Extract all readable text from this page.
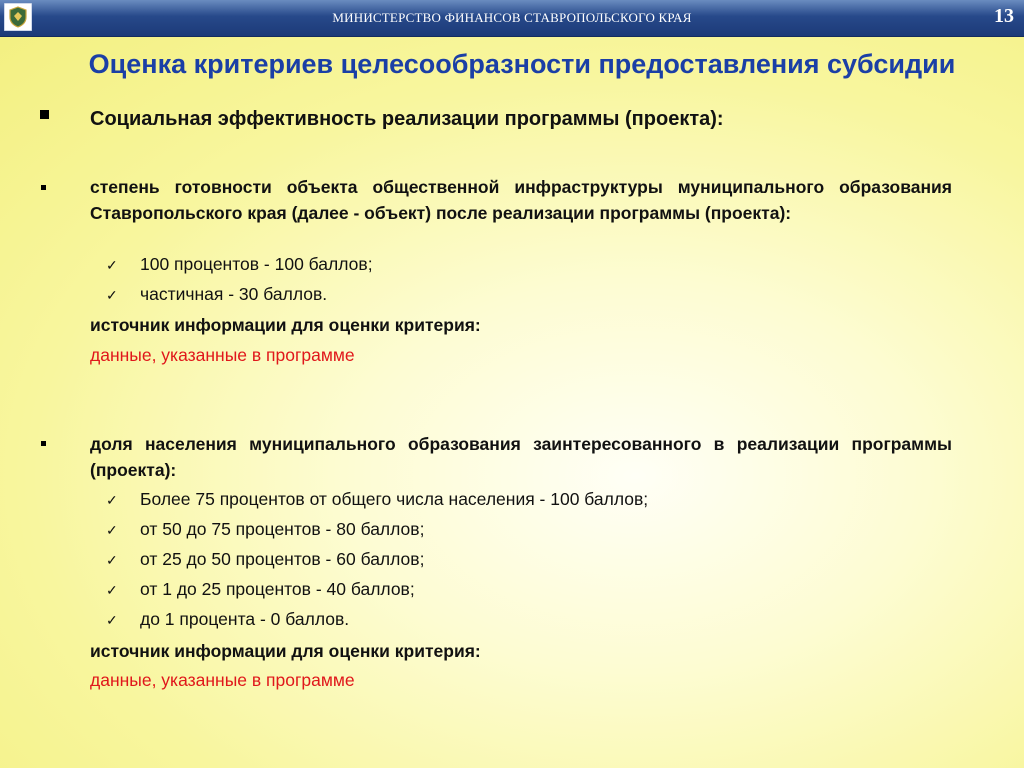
МИНИСТЕРСТВО ФИНАНСОВ СТАВРОПОЛЬСКОГО КРАЯ	13
Оценка критериев целесообразности предоставления субсидии
Социальная эффективность реализации программы (проекта):
степень готовности объекта общественной инфраструктуры муниципального образования Ставропольского края (далее - объект) после реализации программы (проекта):
✓ 100 процентов - 100 баллов;
✓ частичная - 30 баллов.
источник информации для оценки критерия:
данные, указанные в программе
доля населения муниципального образования заинтересованного в реализации программы (проекта):
✓ Более 75 процентов от общего числа населения - 100 баллов;
✓ от 50 до 75 процентов - 80 баллов;
✓ от 25 до 50 процентов - 60 баллов;
✓ от 1 до 25 процентов - 40 баллов;
✓ до 1 процента - 0 баллов.
источник информации для оценки критерия:
данные, указанные в программе
